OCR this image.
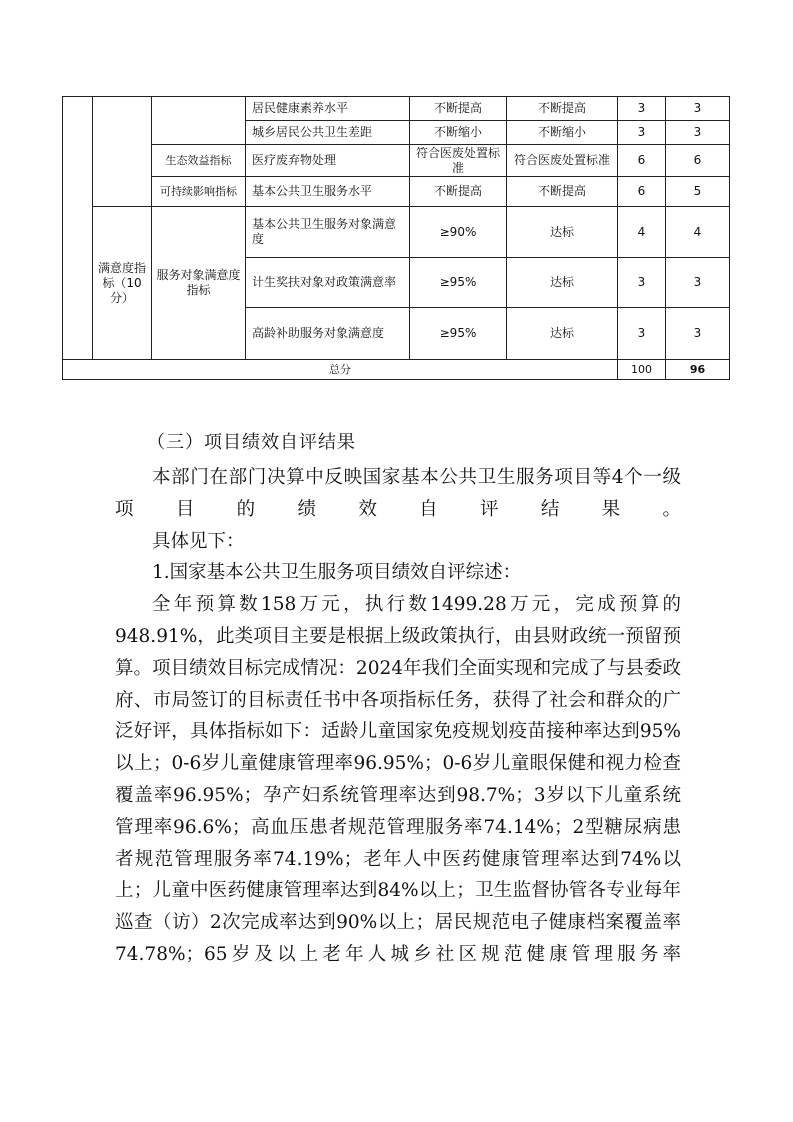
			居民健康素养水平	不断提高	不断提高	3	3
			城乡居民公共卫生差距	不断缩小	不断缩小	3	3
		生态效益指标	医疗废弃物处理	符合医废处置标准	符合医废处置标准	6	6
		可持续影响指标	基本公共卫生服务水平	不断提高	不断提高	6	5
	满意度指标（10分）	服务对象满意度指标	基本公共卫生服务对象满意度	≥90%	达标	4	4
			计生奖扶对象对政策满意率	≥95%	达标	3	3
			高龄补助服务对象满意度	≥95%	达标	3	3
总分						100	96
（三）项目绩效自评结果

本部门在部门决算中反映国家基本公共卫生服务项目等4个一级项目的绩效自评结果。

具体见下：

1.国家基本公共卫生服务项目绩效自评综述：

全年预算数158万元，执行数1499.28万元，完成预算的948.91%，此类项目主要是根据上级政策执行，由县财政统一预留预算。项目绩效目标完成情况：2024年我们全面实现和完成了与县委政府、市局签订的目标责任书中各项指标任务，获得了社会和群众的广泛好评，具体指标如下：适龄儿童国家免疫规划疫苗接种率达到95%以上；0-6岁儿童健康管理率96.95%；0-6岁儿童眼保健和视力检查覆盖率96.95%；孕产妇系统管理率达到98.7%；3岁以下儿童系统管理率96.6%；高血压患者规范管理服务率74.14%；2型糖尿病患者规范管理服务率74.19%；老年人中医药健康管理率达到74%以上；儿童中医药健康管理率达到84%以上；卫生监督协管各专业每年巡查（访）2次完成率达到90%以上；居民规范电子健康档案覆盖率74.78%；65岁及以上老年人城乡社区规范健康管理服务率
